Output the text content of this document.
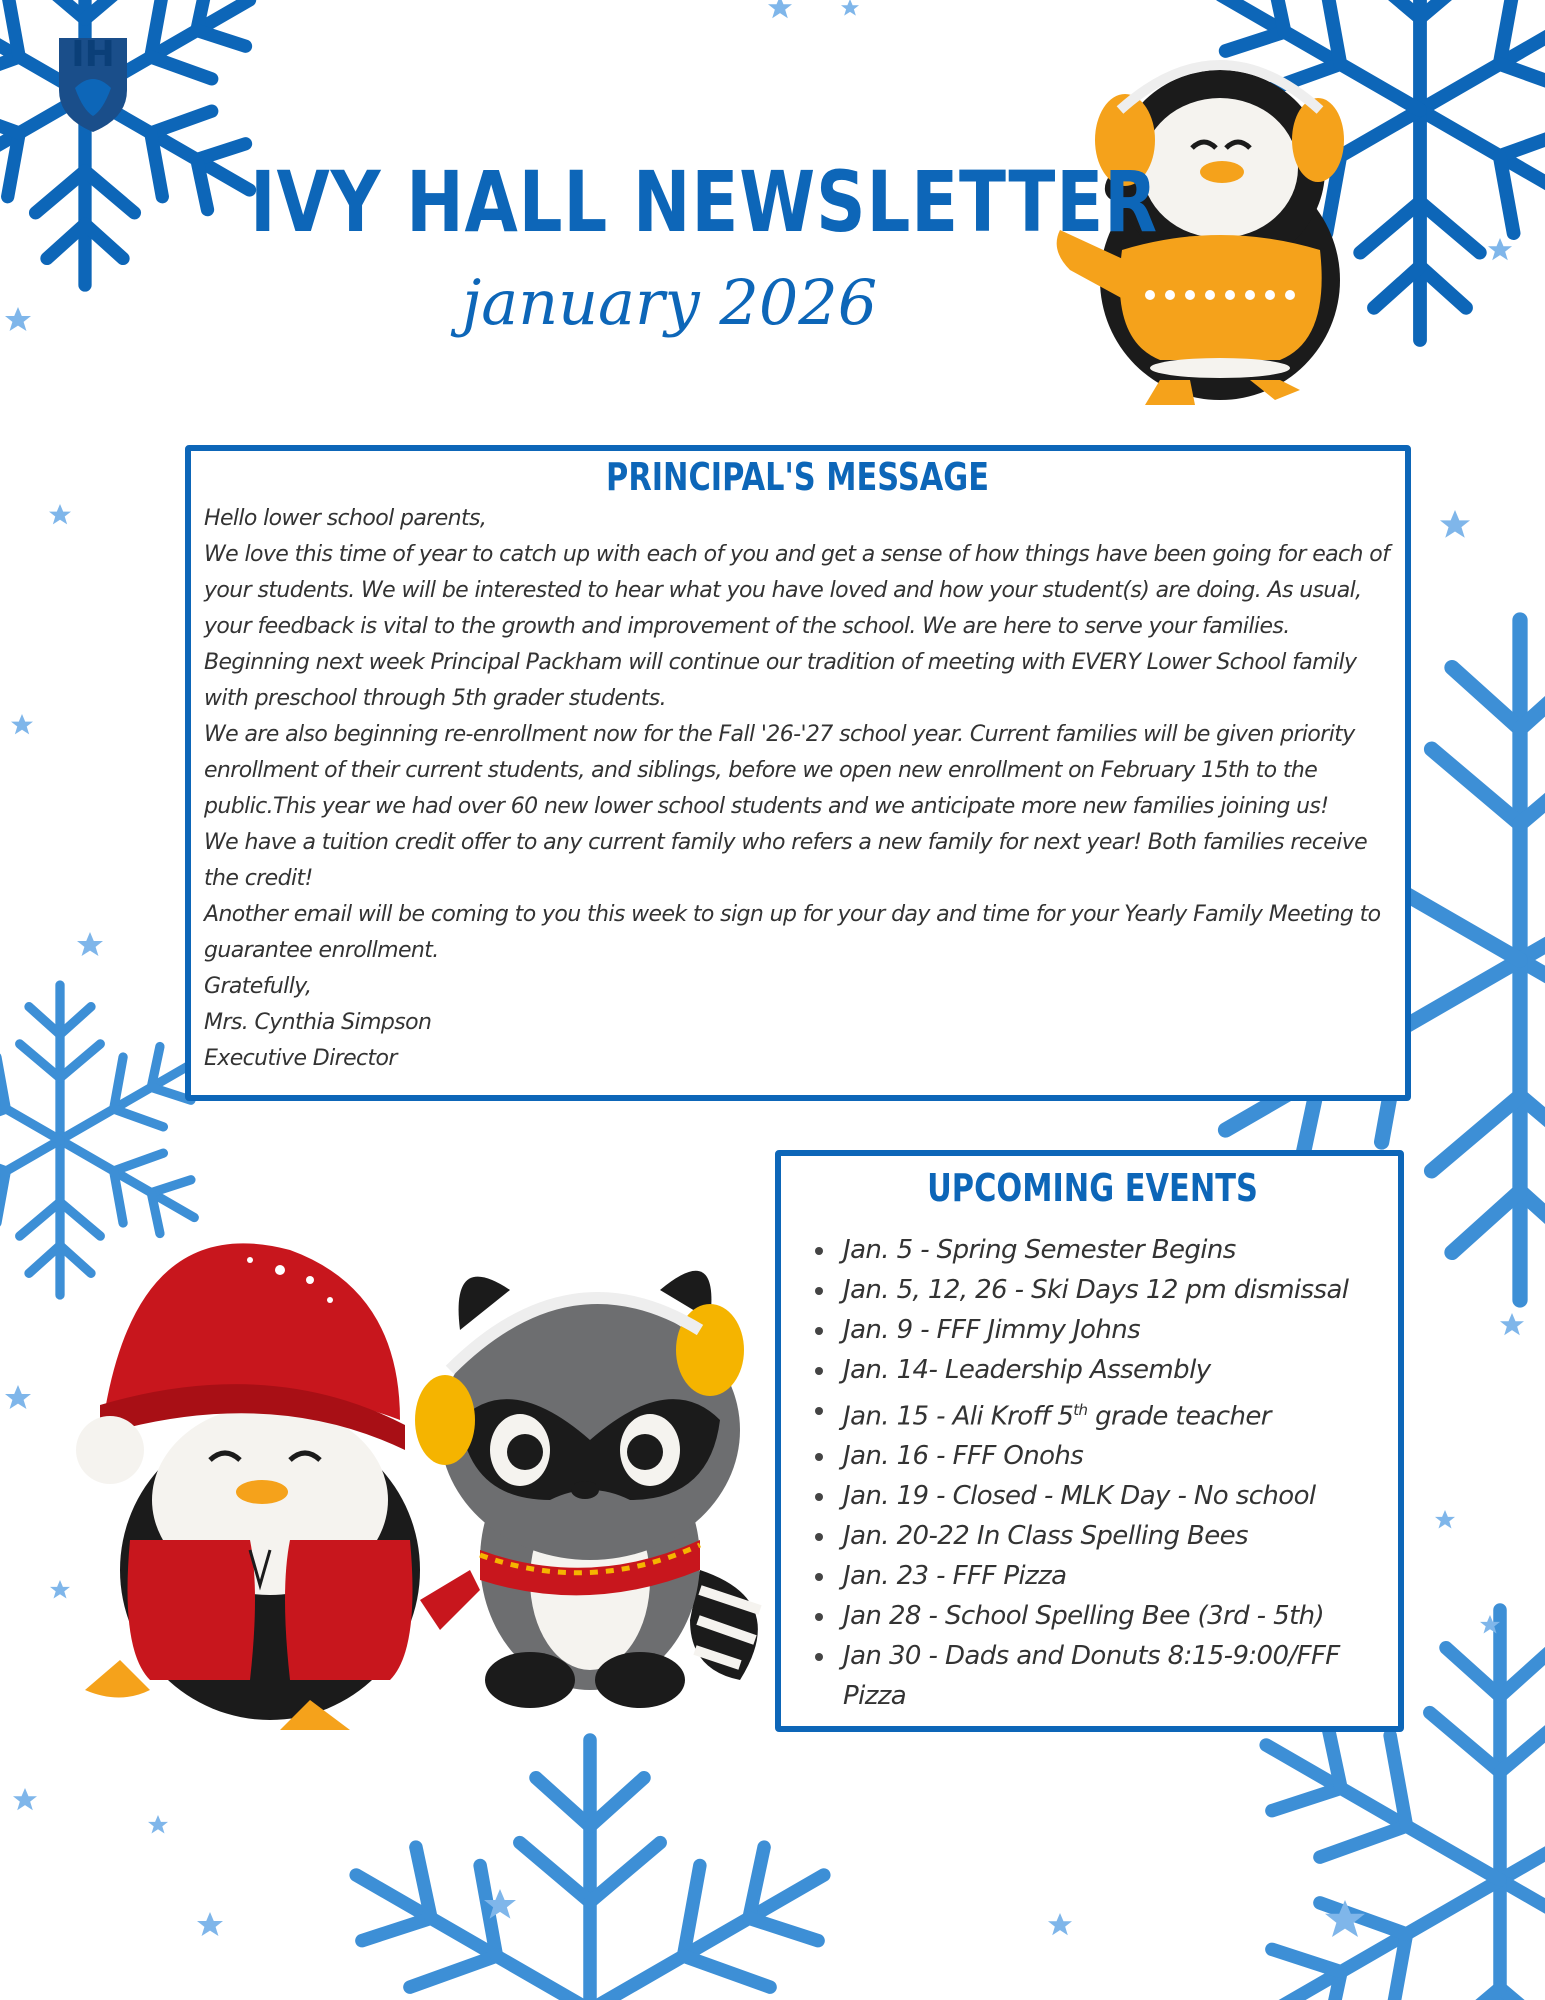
IH
IVY HALL NEWSLETTER
january 2026
PRINCIPAL'S MESSAGE

Hello lower school parents,

We love this time of year to catch up with each of you and get a sense of how things have been going for each of your students. We will be interested to hear what you have loved and how your student(s) are doing. As usual, your feedback is vital to the growth and improvement of the school. We are here to serve your families.

Beginning next week Principal Packham will continue our tradition of meeting with EVERY Lower School family with preschool through 5th grader students.

We are also beginning re-enrollment now for the Fall '26-'27 school year. Current families will be given priority enrollment of their current students, and siblings, before we open new enrollment on February 15th to the public.This year we had over 60 new lower school students and we anticipate more new families joining us!

We have a tuition credit offer to any current family who refers a new family for next year! Both families receive the credit!

Another email will be coming to you this week to sign up for your day and time for your Yearly Family Meeting to guarantee enrollment.

Gratefully,

Mrs. Cynthia Simpson

Executive Director

UPCOMING EVENTS
Jan. 5 - Spring Semester Begins
Jan. 5, 12, 26 - Ski Days 12 pm dismissal
Jan. 9 - FFF Jimmy Johns
Jan. 14- Leadership Assembly
Jan. 15 - Ali Kroff 5th grade teacher
Jan. 16 - FFF Onohs
Jan. 19 - Closed - MLK Day - No school
Jan. 20-22 In Class Spelling Bees
Jan. 23 - FFF Pizza
Jan 28 - School Spelling Bee (3rd - 5th)
Jan 30 - Dads and Donuts 8:15-9:00/FFF Pizza
